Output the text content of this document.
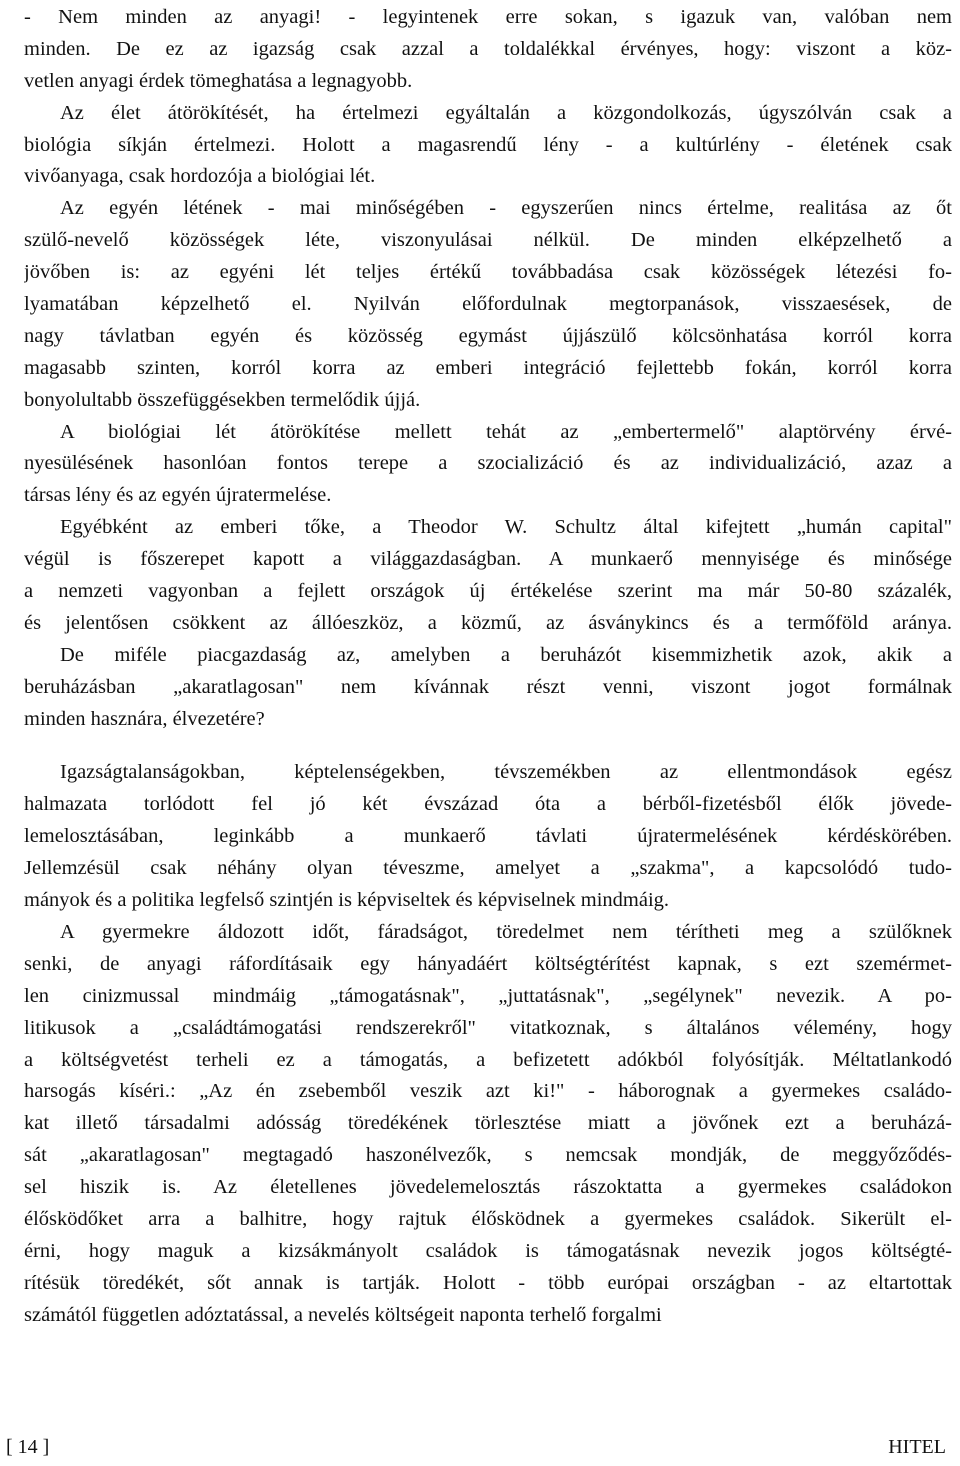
- Nem minden az anyagi! - legyintenek erre sokan, s igazuk van, valóban nem
minden. De ez az igazság csak azzal a toldalékkal érvényes, hogy: viszont a köz-
vetlen anyagi érdek tömeghatása a legnagyobb.
Az élet átörökítését, ha értelmezi egyáltalán a közgondolkozás, úgyszólván csak a
biológia síkján értelmezi. Holott a magasrendű lény - a kultúrlény - életének csak
vivőanyaga, csak hordozója a biológiai lét.
Az egyén létének - mai minőségében - egyszerűen nincs értelme, realitása az őt
szülő-nevelő közösségek léte, viszonyulásai nélkül. De minden elképzelhető a
jövőben is: az egyéni lét teljes értékű továbbadása csak közösségek létezési fo-
lyamatában képzelhető el. Nyilván előfordulnak megtorpanások, visszaesések, de
nagy távlatban egyén és közösség egymást újjászülő kölcsönhatása korról korra
magasabb szinten, korról korra az emberi integráció fejlettebb fokán, korról korra
bonyolultabb összefüggésekben termelődik újjá.
A biológiai lét átörökítése mellett tehát az „embertermelő" alaptörvény érvé-
nyesülésének hasonlóan fontos terepe a szocializáció és az individualizáció, azaz a
társas lény és az egyén újratermelése.
Egyébként az emberi tőke, a Theodor W. Schultz által kifejtett „humán capital"
végül is főszerepet kapott a világgazdaságban. A munkaerő mennyisége és minősége
a nemzeti vagyonban a fejlett országok új értékelése szerint ma már 50-80 százalék,
és jelentősen csökkent az állóeszköz, a közmű, az ásványkincs és a termőföld aránya.
De miféle piacgazdaság az, amelyben a beruházót kisemmizhetik azok, akik a
beruházásban „akaratlagosan" nem kívánnak részt venni, viszont jogot formálnak
minden hasznára, élvezetére?
Igazságtalanságokban, képtelenségekben, tévszemékben az ellentmondások egész
halmazata torlódott fel jó két évszázad óta a bérből-fizetésből élők jövede-
lemelosztásában, leginkább a munkaerő távlati újratermelésének kérdéskörében.
Jellemzésül csak néhány olyan téveszme, amelyet a „szakma", a kapcsolódó tudo-
mányok és a politika legfelső szintjén is képviseltek és képviselnek mindmáig.
A gyermekre áldozott időt, fáradságot, töredelmet nem térítheti meg a szülőknek
senki, de anyagi ráfordításaik egy hányadáért költségtérítést kapnak, s ezt szemérmet-
len cinizmussal mindmáig „támogatásnak", „juttatásnak", „segélynek" nevezik. A po-
litikusok a „családtámogatási rendszerekről" vitatkoznak, s általános vélemény, hogy
a költségvetést terheli ez a támogatás, a befizetett adókból folyósítják. Méltatlankodó
harsogás kíséri.: „Az én zsebemből veszik azt ki!" - háborognak a gyermekes családo-
kat illető társadalmi adósság töredékének törlesztése miatt a jövőnek ezt a beruházá-
sát „akaratlagosan" megtagadó haszonélvezők, s nemcsak mondják, de meggyőződés-
sel hiszik is. Az életellenes jövedelemelosztás rászoktatta a gyermekes családokon
élősködőket arra a balhitre, hogy rajtuk élősködnek a gyermekes családok. Sikerült el-
érni, hogy maguk a kizsákmányolt családok is támogatásnak nevezik jogos költségté-
rítésük töredékét, sőt annak is tartják. Holott - több európai országban - az eltartottak
számától független adóztatással, a nevelés költségeit naponta terhelő forgalmi
[ 14 ]	HITEL
